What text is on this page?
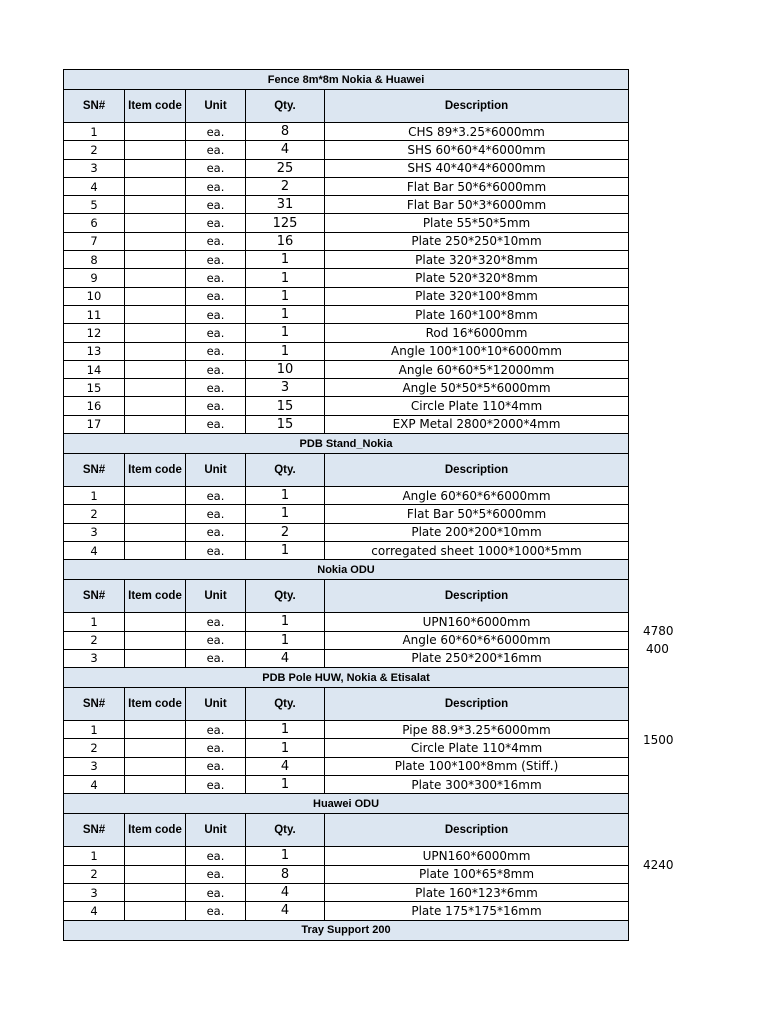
Fence 8m*8m Nokia & Huawei				
SN#	Item code	Unit	Qty.	Description
1		ea.	8	CHS 89*3.25*6000mm
2		ea.	4	SHS 60*60*4*6000mm
3		ea.	25	SHS 40*40*4*6000mm
4		ea.	2	Flat Bar 50*6*6000mm
5		ea.	31	Flat Bar 50*3*6000mm
6		ea.	125	Plate 55*50*5mm
7		ea.	16	Plate 250*250*10mm
8		ea.	1	Plate 320*320*8mm
9		ea.	1	Plate 520*320*8mm
10		ea.	1	Plate 320*100*8mm
11		ea.	1	Plate 160*100*8mm
12		ea.	1	Rod 16*6000mm
13		ea.	1	Angle 100*100*10*6000mm
14		ea.	10	Angle 60*60*5*12000mm
15		ea.	3	Angle 50*50*5*6000mm
16		ea.	15	Circle Plate 110*4mm
17		ea.	15	EXP Metal 2800*2000*4mm
PDB Stand_Nokia				
SN#	Item code	Unit	Qty.	Description
1		ea.	1	Angle 60*60*6*6000mm
2		ea.	1	Flat Bar 50*5*6000mm
3		ea.	2	Plate 200*200*10mm
4		ea.	1	corregated sheet 1000*1000*5mm
Nokia ODU				
SN#	Item code	Unit	Qty.	Description
1		ea.	1	UPN160*6000mm
2		ea.	1	Angle 60*60*6*6000mm
3		ea.	4	Plate 250*200*16mm
PDB Pole HUW, Nokia & Etisalat				
SN#	Item code	Unit	Qty.	Description
1		ea.	1	Pipe 88.9*3.25*6000mm
2		ea.	1	Circle Plate 110*4mm
3		ea.	4	Plate 100*100*8mm (Stiff.)
4		ea.	1	Plate 300*300*16mm
Huawei ODU				
SN#	Item code	Unit	Qty.	Description
1		ea.	1	UPN160*6000mm
2		ea.	8	Plate 100*65*8mm
3		ea.	4	Plate 160*123*6mm
4		ea.	4	Plate 175*175*16mm
Tray Support 200				
4780
400
1500
4240
